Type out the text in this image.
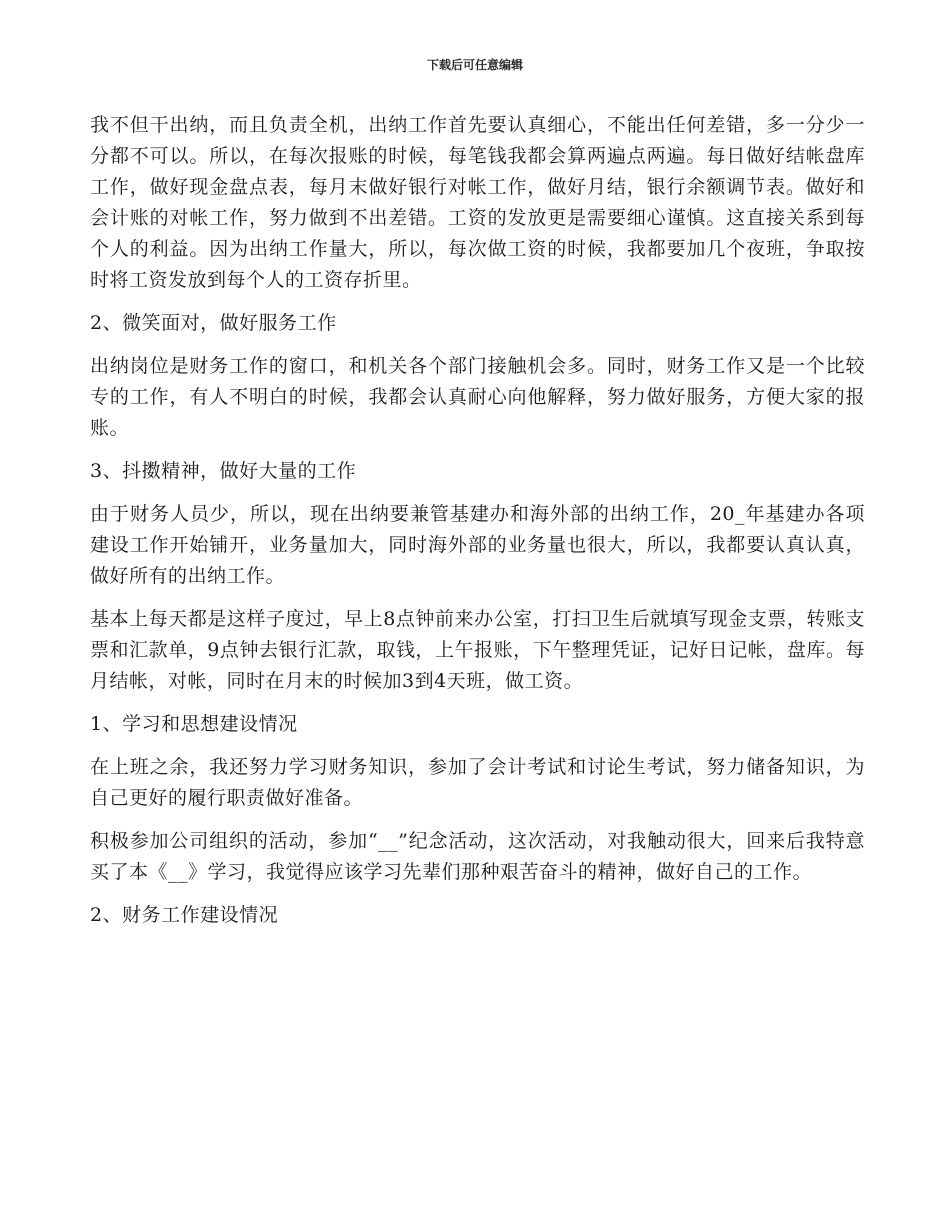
下载后可任意编辑

我不但干出纳，而且负责全机，出纳工作首先要认真细心，不能出任何差错，多一分少一分都不可以。所以，在每次报账的时候，每笔钱我都会算两遍点两遍。每日做好结帐盘库工作，做好现金盘点表，每月末做好银行对帐工作，做好月结，银行余额调节表。做好和会计账的对帐工作，努力做到不出差错。工资的发放更是需要细心谨慎。这直接关系到每个人的利益。因为出纳工作量大，所以，每次做工资的时候，我都要加几个夜班，争取按时将工资发放到每个人的工资存折里。

2、微笑面对，做好服务工作

出纳岗位是财务工作的窗口，和机关各个部门接触机会多。同时，财务工作又是一个比较专的工作，有人不明白的时候，我都会认真耐心向他解释，努力做好服务，方便大家的报账。

3、抖擞精神，做好大量的工作

由于财务人员少，所以，现在出纳要兼管基建办和海外部的出纳工作，20_年基建办各项建设工作开始铺开，业务量加大，同时海外部的业务量也很大，所以，我都要认真认真，做好所有的出纳工作。

基本上每天都是这样子度过，早上8点钟前来办公室，打扫卫生后就填写现金支票，转账支票和汇款单，9点钟去银行汇款，取钱，上午报账，下午整理凭证，记好日记帐，盘库。每月结帐，对帐，同时在月末的时候加3到4天班，做工资。

1、学习和思想建设情况

在上班之余，我还努力学习财务知识，参加了会计考试和讨论生考试，努力储备知识，为自己更好的履行职责做好准备。

积极参加公司组织的活动，参加“__”纪念活动，这次活动，对我触动很大，回来后我特意买了本《__》学习，我觉得应该学习先辈们那种艰苦奋斗的精神，做好自己的工作。

2、财务工作建设情况
